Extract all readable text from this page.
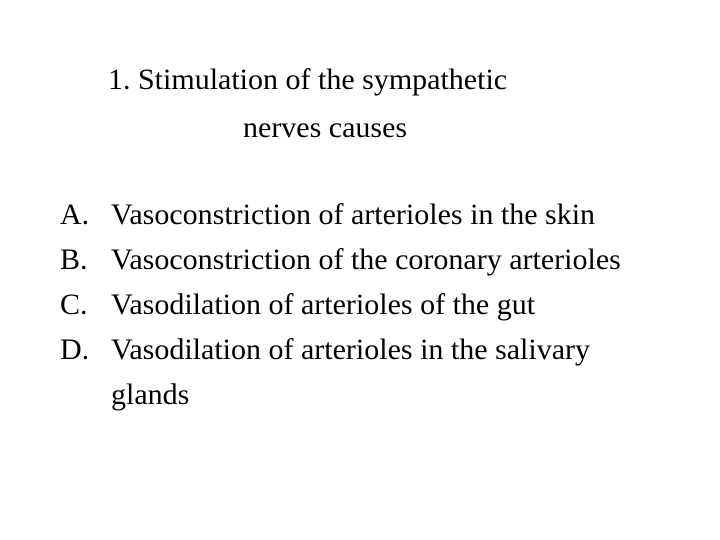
1. Stimulation of the sympathetic
nerves causes
A. Vasoconstriction of arterioles in the skin
B. Vasoconstriction of the coronary arterioles
C. Vasodilation of arterioles of the gut
D. Vasodilation of arterioles in the salivary
glands
